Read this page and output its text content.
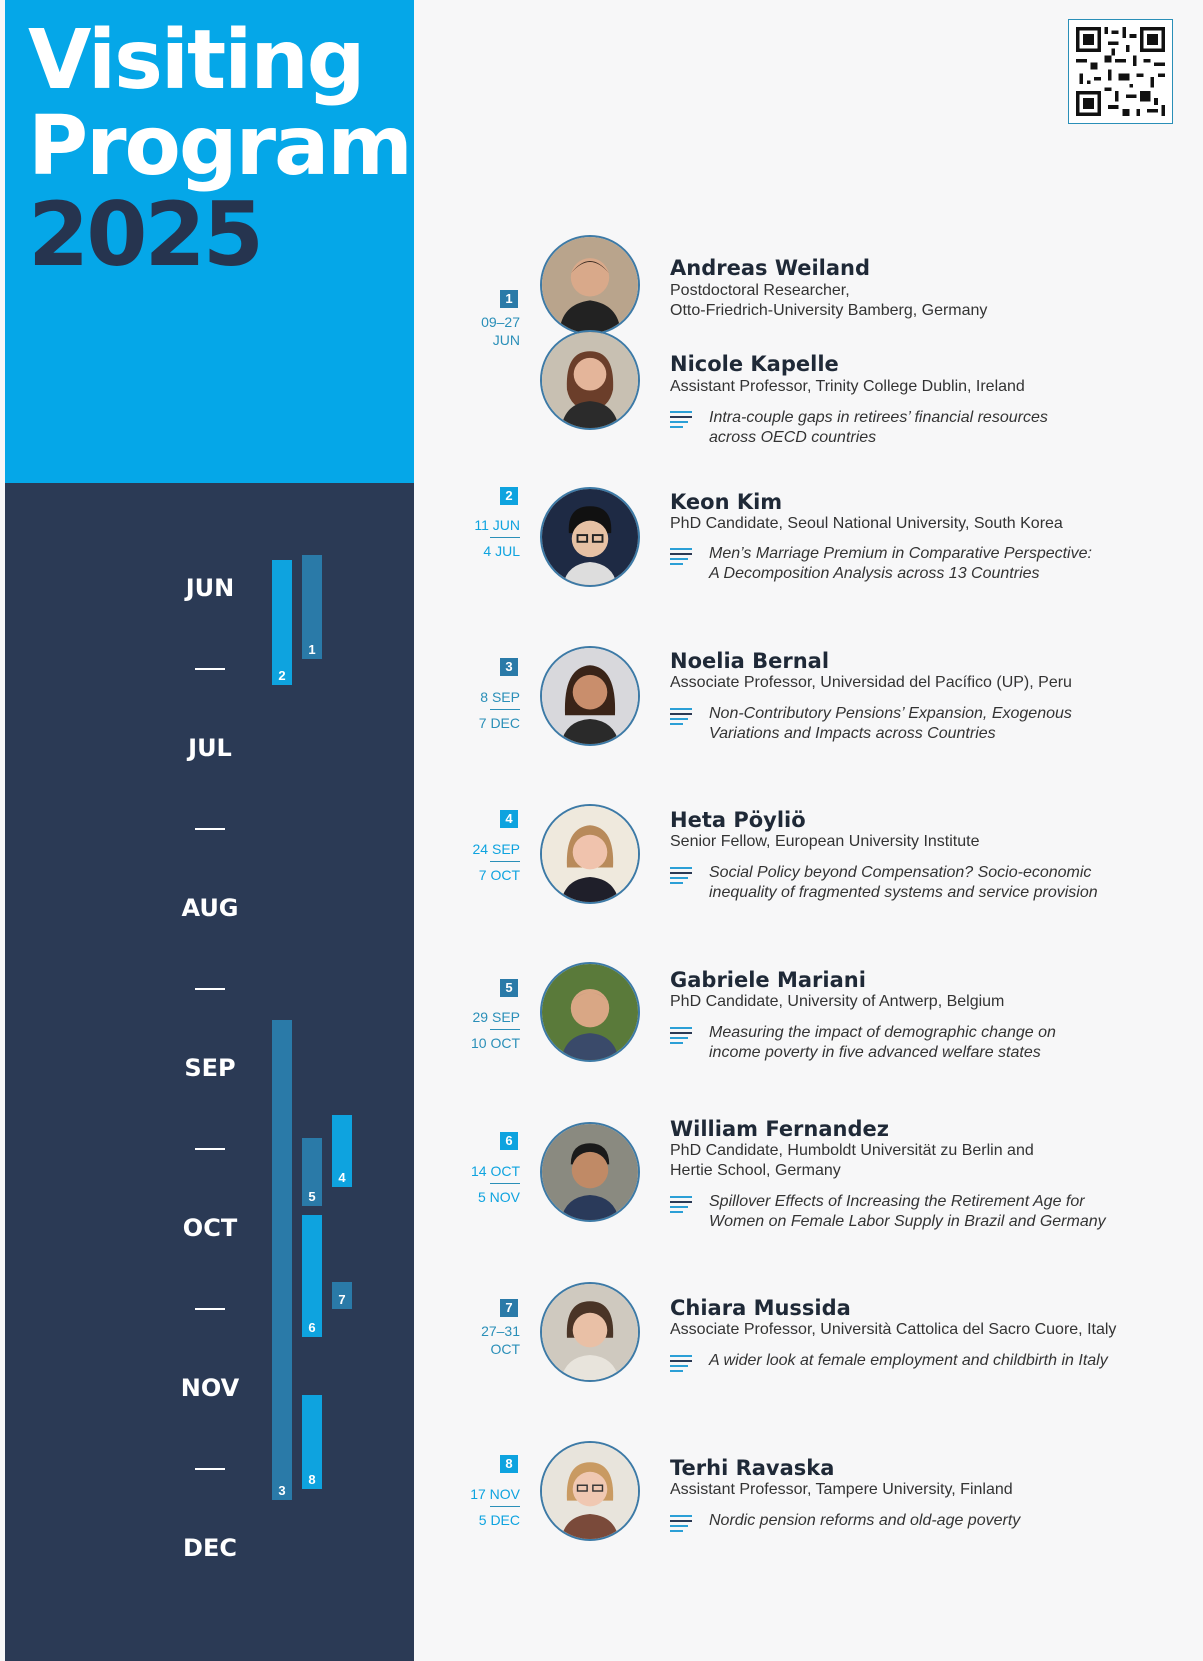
Visiting
Program
2025
JUN
JUL
AUG
SEP
OCT
NOV
DEC
1
2
3
4
5
6
7
8
1
09–27
JUN
Andreas Weiland
Postdoctoral Researcher,
Otto-Friedrich-University Bamberg, Germany
Nicole Kapelle
Assistant Professor, Trinity College Dublin, Ireland
Intra-couple gaps in retirees’ financial resources
across OECD countries
2
11 JUN
4 JUL
Keon Kim
PhD Candidate, Seoul National University, South Korea
Men’s Marriage Premium in Comparative Perspective:
A Decomposition Analysis across 13 Countries
3
8 SEP
7 DEC
Noelia Bernal
Associate Professor, Universidad del Pacífico (UP), Peru
Non-Contributory Pensions’ Expansion, Exogenous
Variations and Impacts across Countries
4
24 SEP
7 OCT
Heta Pöyliö
Senior Fellow, European University Institute
Social Policy beyond Compensation? Socio-economic
inequality of fragmented systems and service provision
5
29 SEP
10 OCT
Gabriele Mariani
PhD Candidate, University of Antwerp, Belgium
Measuring the impact of demographic change on
income poverty in five advanced welfare states
6
14 OCT
5 NOV
William Fernandez
PhD Candidate, Humboldt Universität zu Berlin and
Hertie School, Germany
Spillover Effects of Increasing the Retirement Age for
Women on Female Labor Supply in Brazil and Germany
7
27–31
OCT
Chiara Mussida
Associate Professor, Università Cattolica del Sacro Cuore, Italy
A wider look at female employment and childbirth in Italy
8
17 NOV
5 DEC
Terhi Ravaska
Assistant Professor, Tampere University, Finland
Nordic pension reforms and old-age poverty
